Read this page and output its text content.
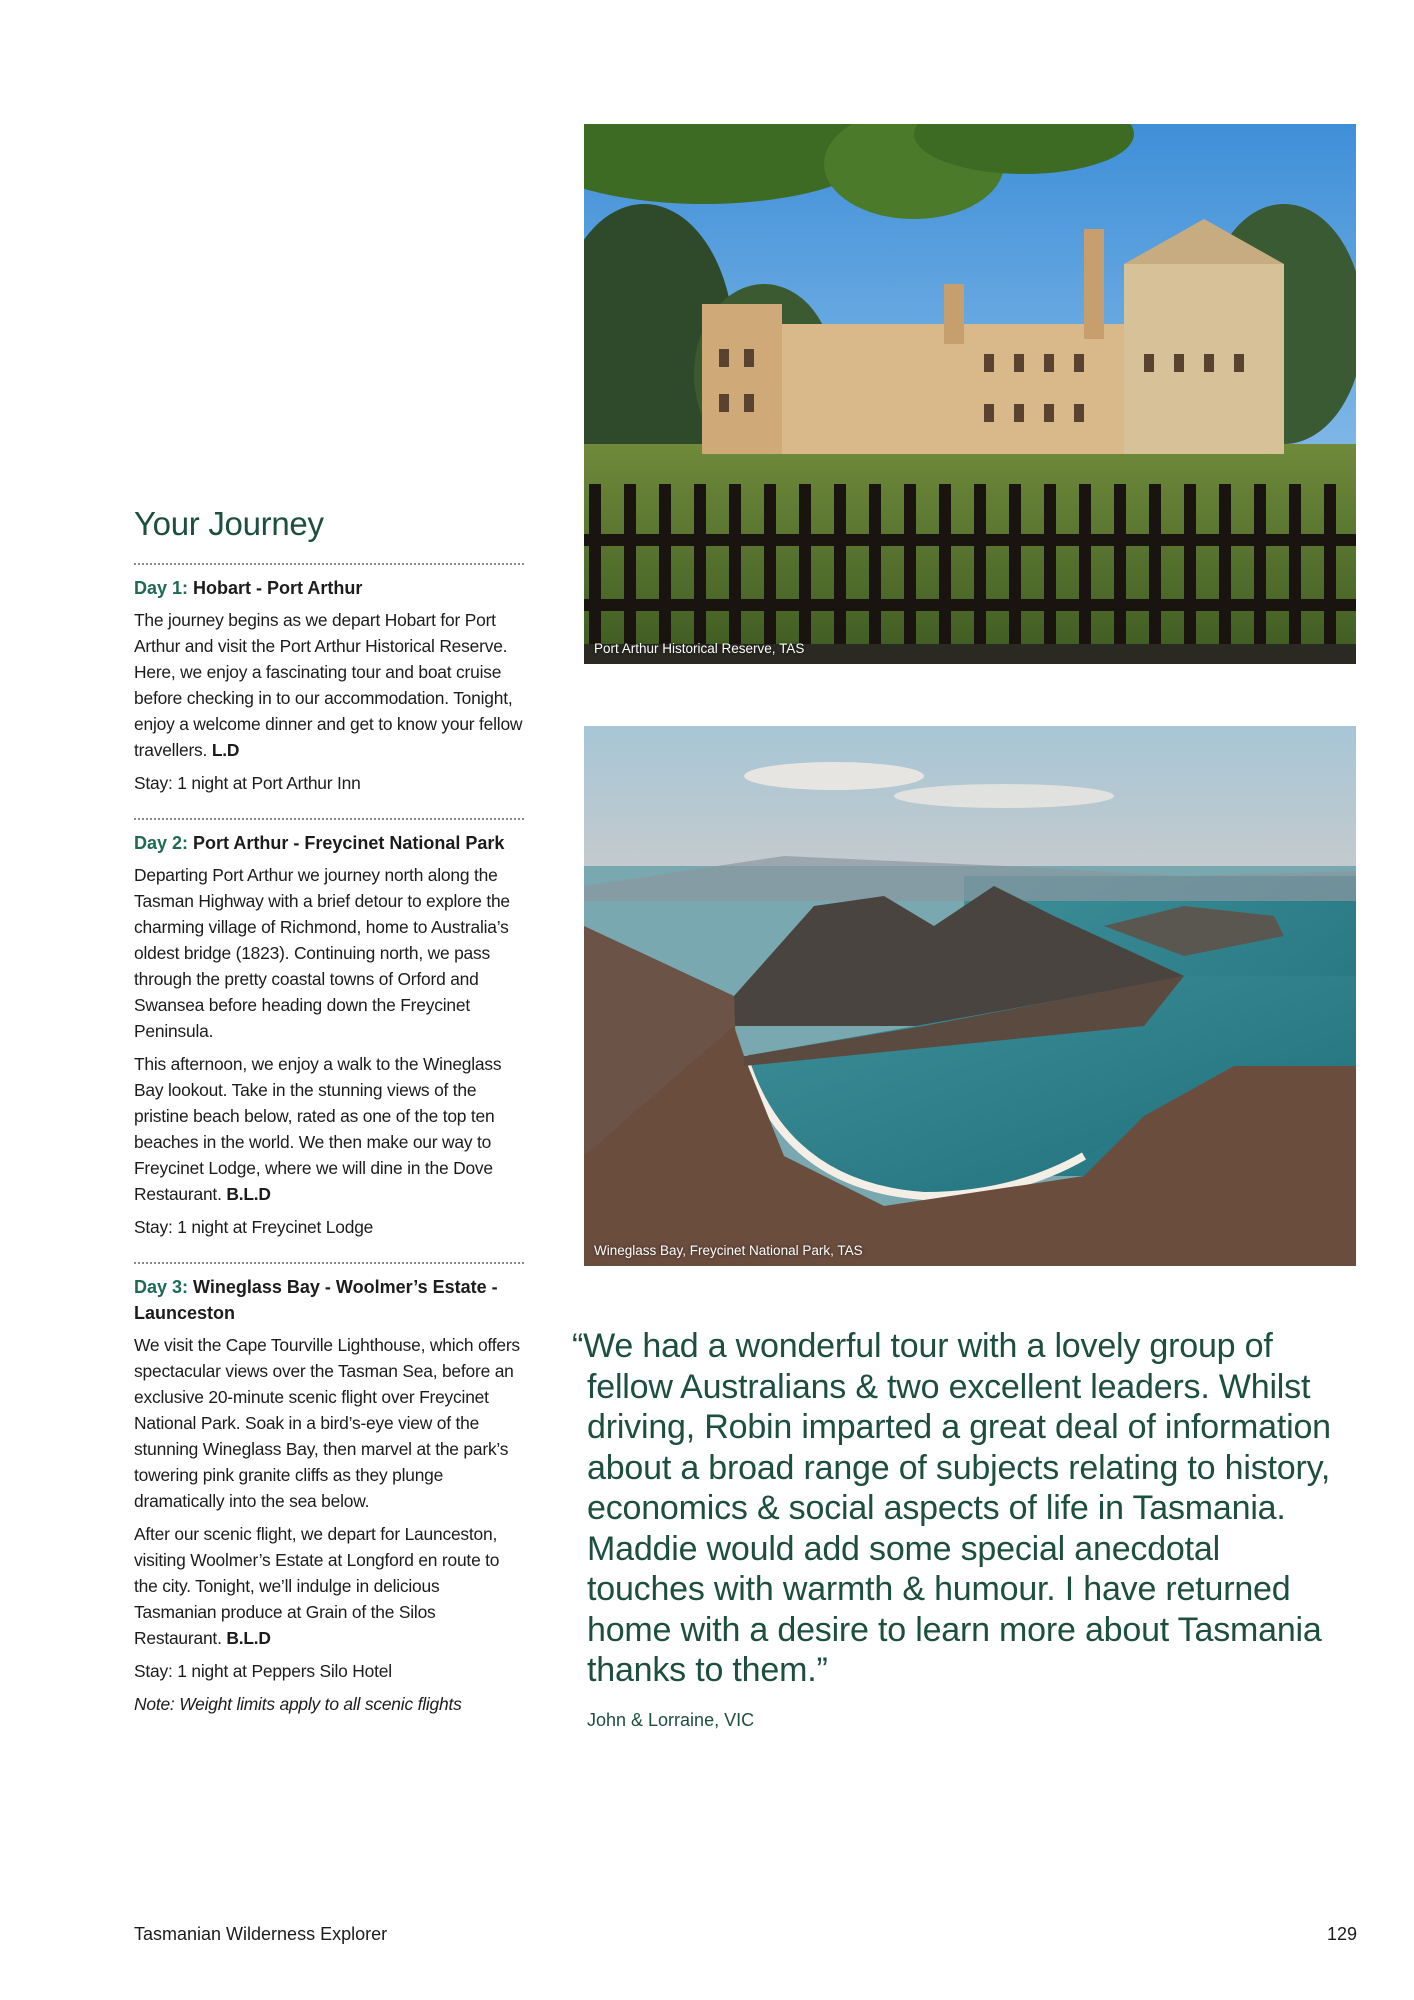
Your Journey
Day 1: Hobart - Port Arthur

The journey begins as we depart Hobart for Port Arthur and visit the Port Arthur Historical Reserve. Here, we enjoy a fascinating tour and boat cruise before checking in to our accommodation. Tonight, enjoy a welcome dinner and get to know your fellow travellers. L.D

Stay: 1 night at Port Arthur Inn

Day 2: Port Arthur - Freycinet National Park

Departing Port Arthur we journey north along the Tasman Highway with a brief detour to explore the charming village of Richmond, home to Australia’s oldest bridge (1823). Continuing north, we pass through the pretty coastal towns of Orford and Swansea before heading down the Freycinet Peninsula.

This afternoon, we enjoy a walk to the Wineglass Bay lookout. Take in the stunning views of the pristine beach below, rated as one of the top ten beaches in the world. We then make our way to Freycinet Lodge, where we will dine in the Dove Restaurant. B.L.D

Stay: 1 night at Freycinet Lodge

Day 3: Wineglass Bay - Woolmer’s Estate - Launceston

We visit the Cape Tourville Lighthouse, which offers spectacular views over the Tasman Sea, before an exclusive 20-minute scenic flight over Freycinet National Park. Soak in a bird’s-eye view of the stunning Wineglass Bay, then marvel at the park’s towering pink granite cliffs as they plunge dramatically into the sea below.

After our scenic flight, we depart for Launceston, visiting Woolmer’s Estate at Longford en route to the city. Tonight, we’ll indulge in delicious Tasmanian produce at Grain of the Silos Restaurant. B.L.D

Stay: 1 night at Peppers Silo Hotel

Note: Weight limits apply to all scenic flights

Port Arthur Historical Reserve, TAS
Wineglass Bay, Freycinet National Park, TAS
“We had a wonderful tour with a lovely group of fellow Australians & two excellent leaders. Whilst driving, Robin imparted a great deal of information about a broad range of subjects relating to history, economics & social aspects of life in Tasmania. Maddie would add some special anecdotal touches with warmth & humour. I have returned home with a desire to learn more about Tasmania thanks to them.”
John & Lorraine, VIC
Tasmanian Wilderness Explorer	129
